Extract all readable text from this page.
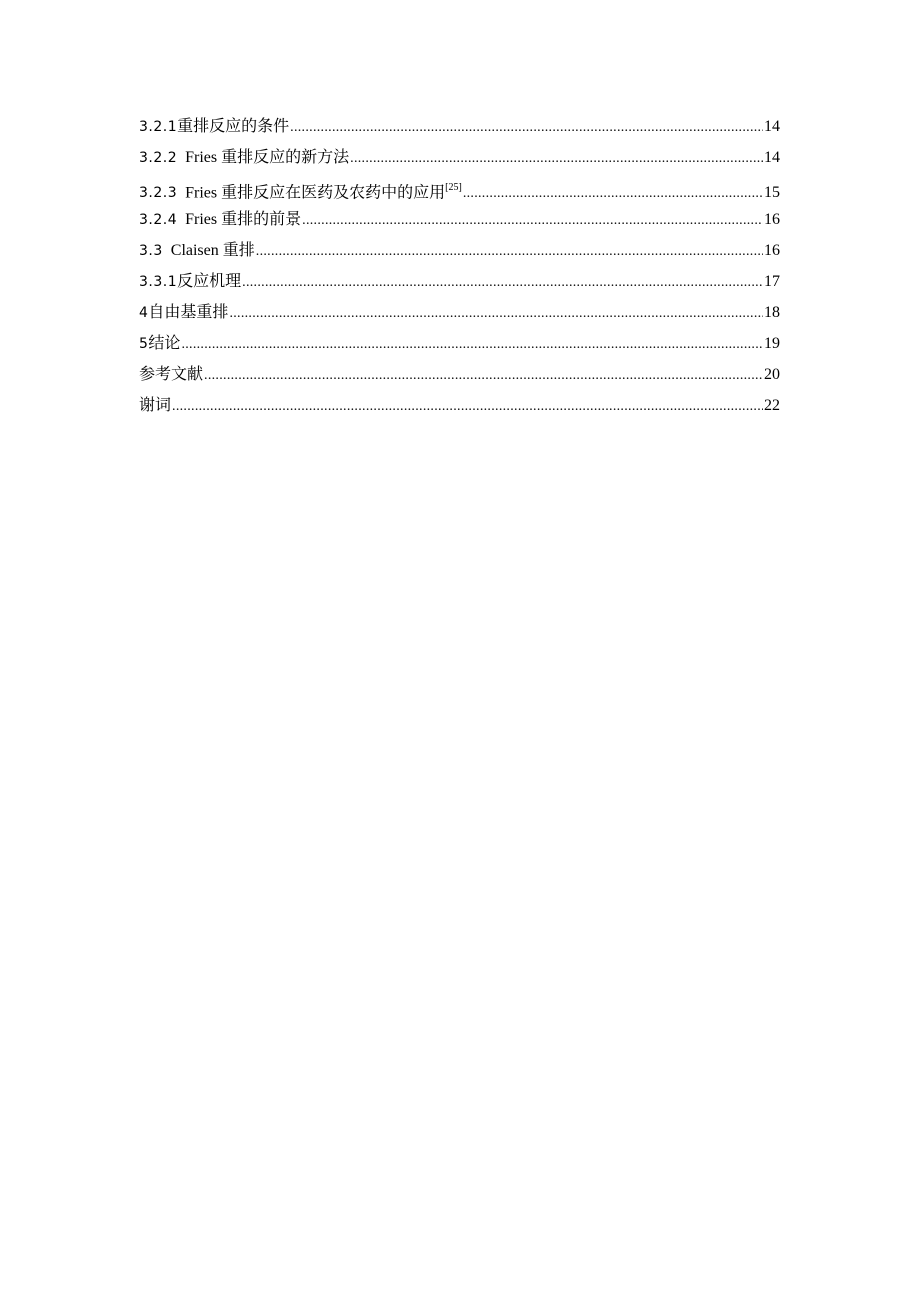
3.2.1 重排反应的条件 .....	14
3.2.2 Fries 重排反应的新方法 .....	14
3.2.3 Fries 重排反应在医药及农药中的应用[25] .....	15
3.2.4 Fries 重排的前景 .....	16
3.3 Claisen 重排 .....	16
3.3.1 反应机理 .....	17
4 自由基重排 .....	18
5 结论 .....	19
参考文献 .....	20
谢词 .....	22
